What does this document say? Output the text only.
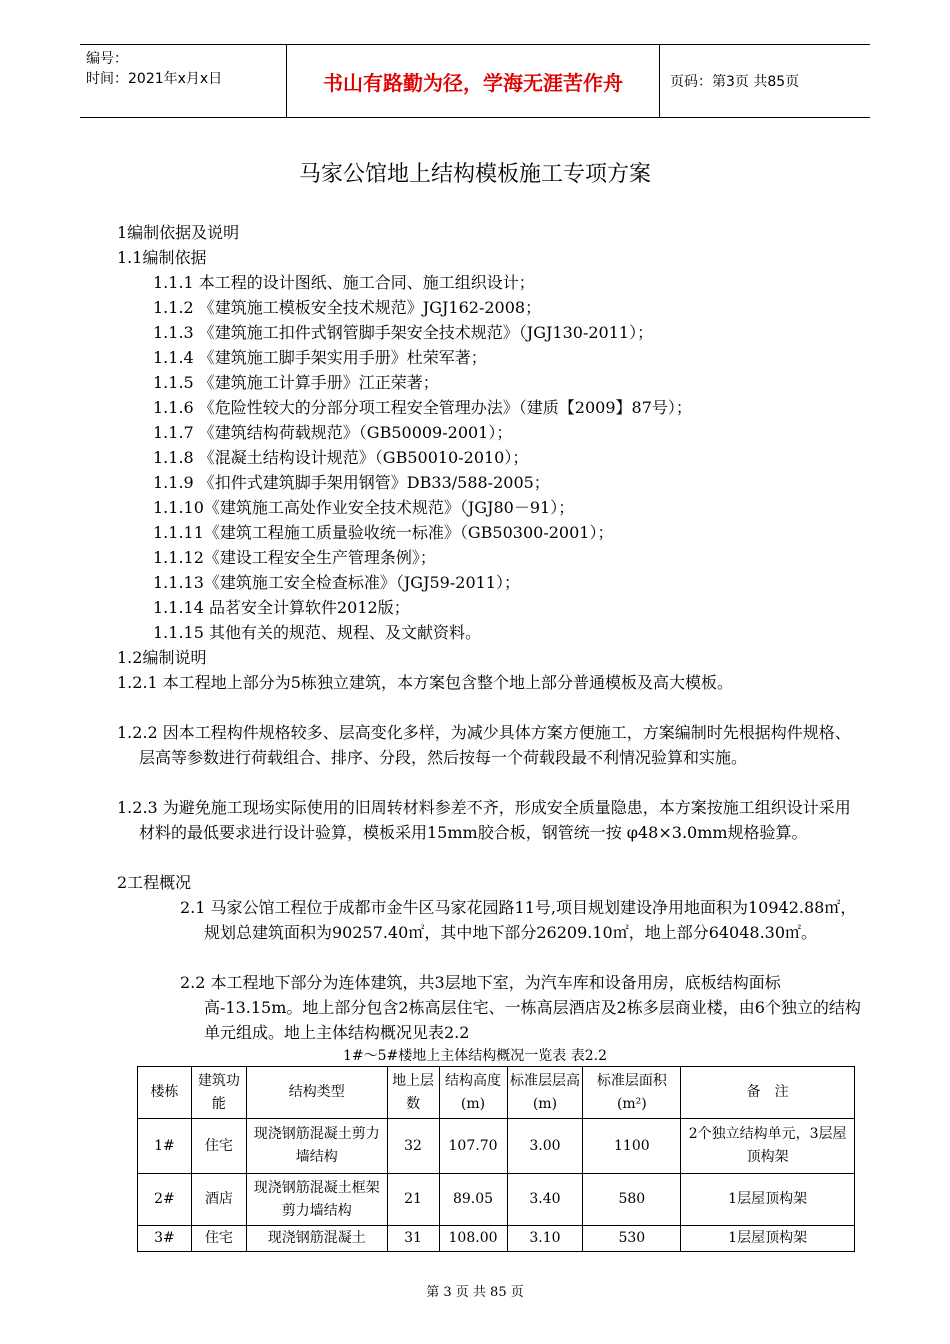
编号：
时间：2021年x月x日	书山有路勤为径，学海无涯苦作舟	页码：第3页 共85页
马家公馆地上结构模板施工专项方案
1编制依据及说明
1.1编制依据
1.1.1 本工程的设计图纸、施工合同、施工组织设计；
1.1.2 《建筑施工模板安全技术规范》JGJ162-2008；
1.1.3 《建筑施工扣件式钢管脚手架安全技术规范》（JGJ130-2011）；
1.1.4 《建筑施工脚手架实用手册》杜荣军著；
1.1.5 《建筑施工计算手册》江正荣著；
1.1.6 《危险性较大的分部分项工程安全管理办法》（建质【2009】87号）；
1.1.7 《建筑结构荷载规范》（GB50009-2001）；
1.1.8 《混凝土结构设计规范》（GB50010-2010）；
1.1.9 《扣件式建筑脚手架用钢管》DB33/588-2005；
1.1.10《建筑施工高处作业安全技术规范》（JGJ80－91）；
1.1.11《建筑工程施工质量验收统一标准》（GB50300-2001）；
1.1.12《建设工程安全生产管理条例》；
1.1.13《建筑施工安全检查标准》（JGJ59-2011）；
1.1.14 品茗安全计算软件2012版；
1.1.15 其他有关的规范、规程、及文献资料。
1.2编制说明
1.2.1 本工程地上部分为5栋独立建筑，本方案包含整个地上部分普通模板及高大模板。
1.2.2 因本工程构件规格较多、层高变化多样，为减少具体方案方便施工，方案编制时先根据构件规格、层高等参数进行荷载组合、排序、分段，然后按每一个荷载段最不利情况验算和实施。
1.2.3 为避免施工现场实际使用的旧周转材料参差不齐，形成安全质量隐患，本方案按施工组织设计采用材料的最低要求进行设计验算，模板采用15mm胶合板，钢管统一按 φ48×3.0mm规格验算。
2工程概况
2.1 马家公馆工程位于成都市金牛区马家花园路11号,项目规划建设净用地面积为10942.88㎡，规划总建筑面积为90257.40㎡，其中地下部分26209.10㎡，地上部分64048.30㎡。
2.2 本工程地下部分为连体建筑，共3层地下室，为汽车库和设备用房，底板结构面标高-13.15m。地上部分包含2栋高层住宅、一栋高层酒店及2栋多层商业楼，由6个独立的结构单元组成。地上主体结构概况见表2.2
1#～5#楼地上主体结构概况一览表 表2.2
楼栋	建筑功能	结构类型	地上层数	结构高度(m)	标准层层高(m)	标准层面积(m²)	备　注
1#	住宅	现浇钢筋混凝土剪力墙结构	32	107.70	3.00	1100	2个独立结构单元，3层屋顶构架
2#	酒店	现浇钢筋混凝土框架剪力墙结构	21	89.05	3.40	580	1层屋顶构架
3#	住宅	现浇钢筋混凝土	31	108.00	3.10	530	1层屋顶构架
第 3 页 共 85 页
